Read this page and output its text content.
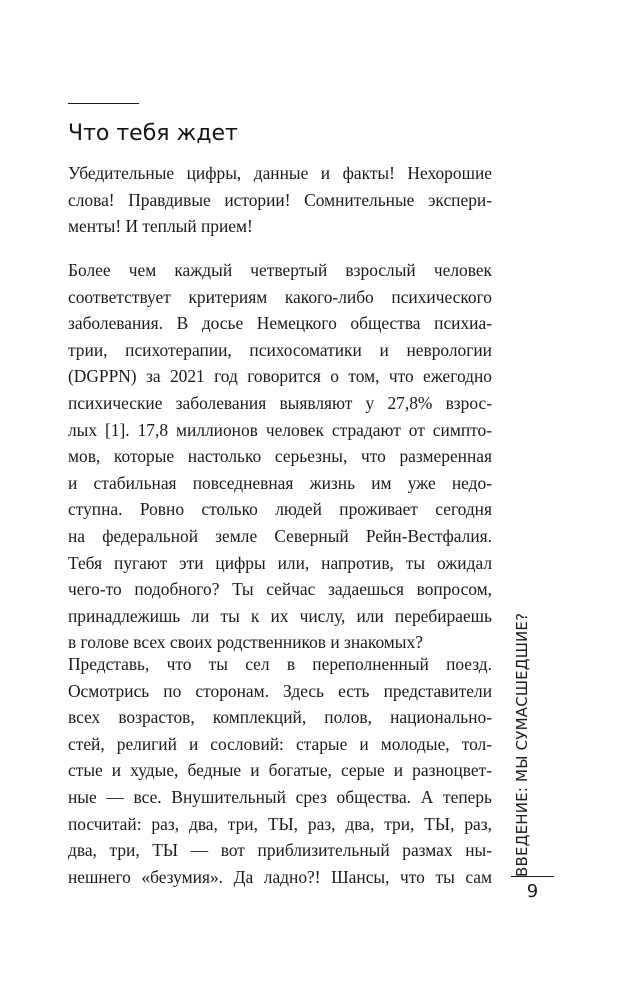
Что тебя ждет

Убедительные цифры, данные и факты! Нехорошие
слова! Правдивые истории! Сомнительные экспери-
менты! И теплый прием!

Более чем каждый четвертый взрослый человек
соответствует критериям какого-либо психического
заболевания. В досье Немецкого общества психиа-
трии, психотерапии, психосоматики и неврологии
(DGPPN) за 2021 год говорится о том, что ежегодно
психические заболевания выявляют у 27,8% взрос-
лых [1]. 17,8 миллионов человек страдают от симпто-
мов, которые настолько серьезны, что размеренная
и стабильная повседневная жизнь им уже недо-
ступна. Ровно столько людей проживает сегодня
на федеральной земле Северный Рейн-Вестфалия.
Тебя пугают эти цифры или, напротив, ты ожидал
чего-то подобного? Ты сейчас задаешься вопросом,
принадлежишь ли ты к их числу, или перебираешь
в голове всех своих родственников и знакомых?

Представь, что ты сел в переполненный поезд.
Осмотрись по сторонам. Здесь есть представители
всех возрастов, комплекций, полов, национально-
стей, религий и сословий: старые и молодые, тол-
стые и худые, бедные и богатые, серые и разноцвет-
ные — все. Внушительный срез общества. А теперь
посчитай: раз, два, три, ТЫ, раз, два, три, ТЫ, раз,
два, три, ТЫ — вот приблизительный размах ны-
нешнего «безумия». Да ладно?! Шансы, что ты сам	ВВЕДЕНИЕ: МЫ СУМАСШЕДШИЕ?
9
